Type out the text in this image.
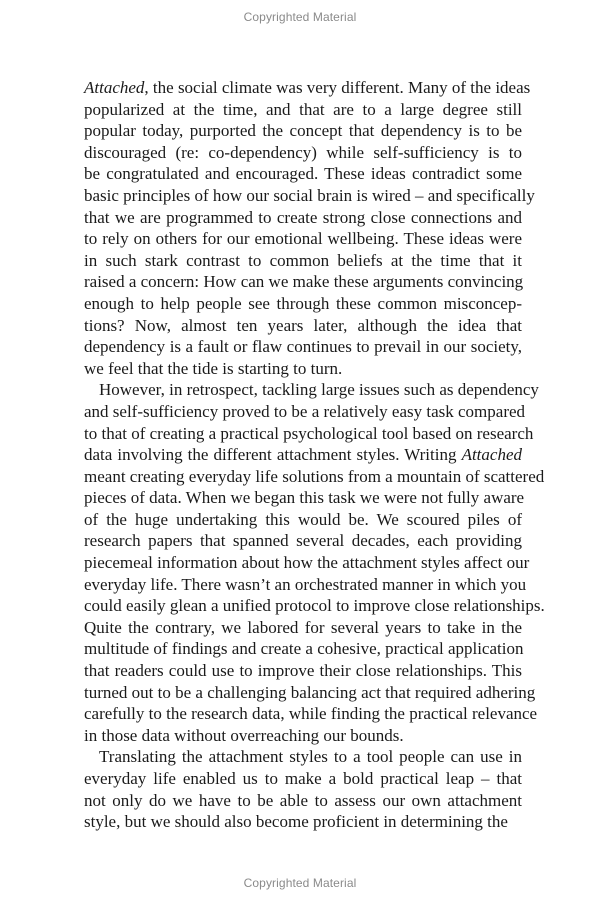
Copyrighted Material
Attached, the social climate was very different. Many of the ideas
popularized at the time, and that are to a large degree still
popular today, purported the concept that dependency is to be
discouraged (re: co-dependency) while self-sufficiency is to
be congratulated and encouraged. These ideas contradict some
basic principles of how our social brain is wired – and specifically
that we are programmed to create strong close connections and
to rely on others for our emotional wellbeing. These ideas were
in such stark contrast to common beliefs at the time that it
raised a concern: How can we make these arguments convincing
enough to help people see through these common misconcep-
tions? Now, almost ten years later, although the idea that
dependency is a fault or flaw continues to prevail in our society,
we feel that the tide is starting to turn.
However, in retrospect, tackling large issues such as dependency
and self-sufficiency proved to be a relatively easy task compared
to that of creating a practical psychological tool based on research
data involving the different attachment styles. Writing Attached
meant creating everyday life solutions from a mountain of scattered
pieces of data. When we began this task we were not fully aware
of the huge undertaking this would be. We scoured piles of
research papers that spanned several decades, each providing
piecemeal information about how the attachment styles affect our
everyday life. There wasn’t an orchestrated manner in which you
could easily glean a unified protocol to improve close relationships.
Quite the contrary, we labored for several years to take in the
multitude of findings and create a cohesive, practical application
that readers could use to improve their close relationships. This
turned out to be a challenging balancing act that required adhering
carefully to the research data, while finding the practical relevance
in those data without overreaching our bounds.
Translating the attachment styles to a tool people can use in
everyday life enabled us to make a bold practical leap – that
not only do we have to be able to assess our own attachment
style, but we should also become proficient in determining the
Copyrighted Material
